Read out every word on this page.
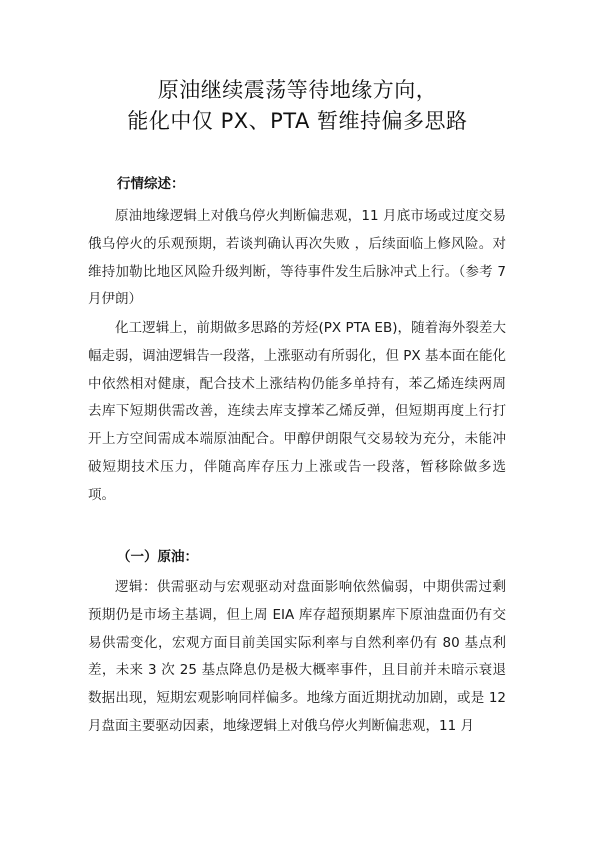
原油继续震荡等待地缘方向，
能化中仅 PX、PTA 暂维持偏多思路
行情综述：

原油地缘逻辑上对俄乌停火判断偏悲观，11 月底市场或过度交易俄乌停火的乐观预期，若谈判确认再次失败 ，后续面临上修风险。对维持加勒比地区风险升级判断，等待事件发生后脉冲式上行。（参考 7 月伊朗）

化工逻辑上，前期做多思路的芳烃(PX PTA EB)，随着海外裂差大幅走弱，调油逻辑告一段落，上涨驱动有所弱化，但 PX 基本面在能化中依然相对健康，配合技术上涨结构仍能多单持有，苯乙烯连续两周去库下短期供需改善，连续去库支撑苯乙烯反弹，但短期再度上行打开上方空间需成本端原油配合。甲醇伊朗限气交易较为充分，未能冲破短期技术压力，伴随高库存压力上涨或告一段落，暂移除做多选项。

（一）原油：

逻辑：供需驱动与宏观驱动对盘面影响依然偏弱，中期供需过剩预期仍是市场主基调，但上周 EIA 库存超预期累库下原油盘面仍有交易供需变化，宏观方面目前美国实际利率与自然利率仍有 80 基点利差，未来 3 次 25 基点降息仍是极大概率事件，且目前并未暗示衰退数据出现，短期宏观影响同样偏多。地缘方面近期扰动加剧，或是 12 月盘面主要驱动因素，地缘逻辑上对俄乌停火判断偏悲观，11 月
